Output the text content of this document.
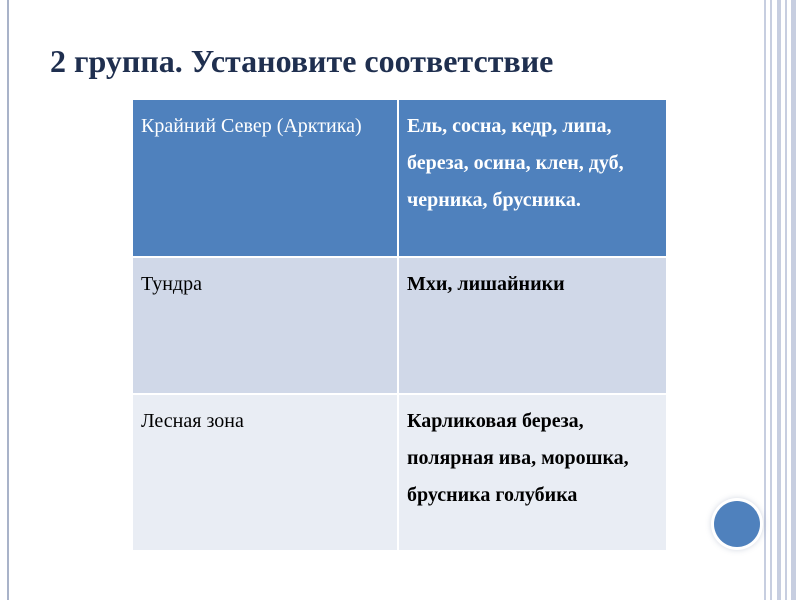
2 группа. Установите соответствие
Крайний Север (Арктика)	Ель, сосна, кедр, липа, береза, осина, клен, дуб, черника, брусника.
Тундра	Мхи, лишайники
Лесная зона	Карликовая береза, полярная ива, морошка, брусника голубика
